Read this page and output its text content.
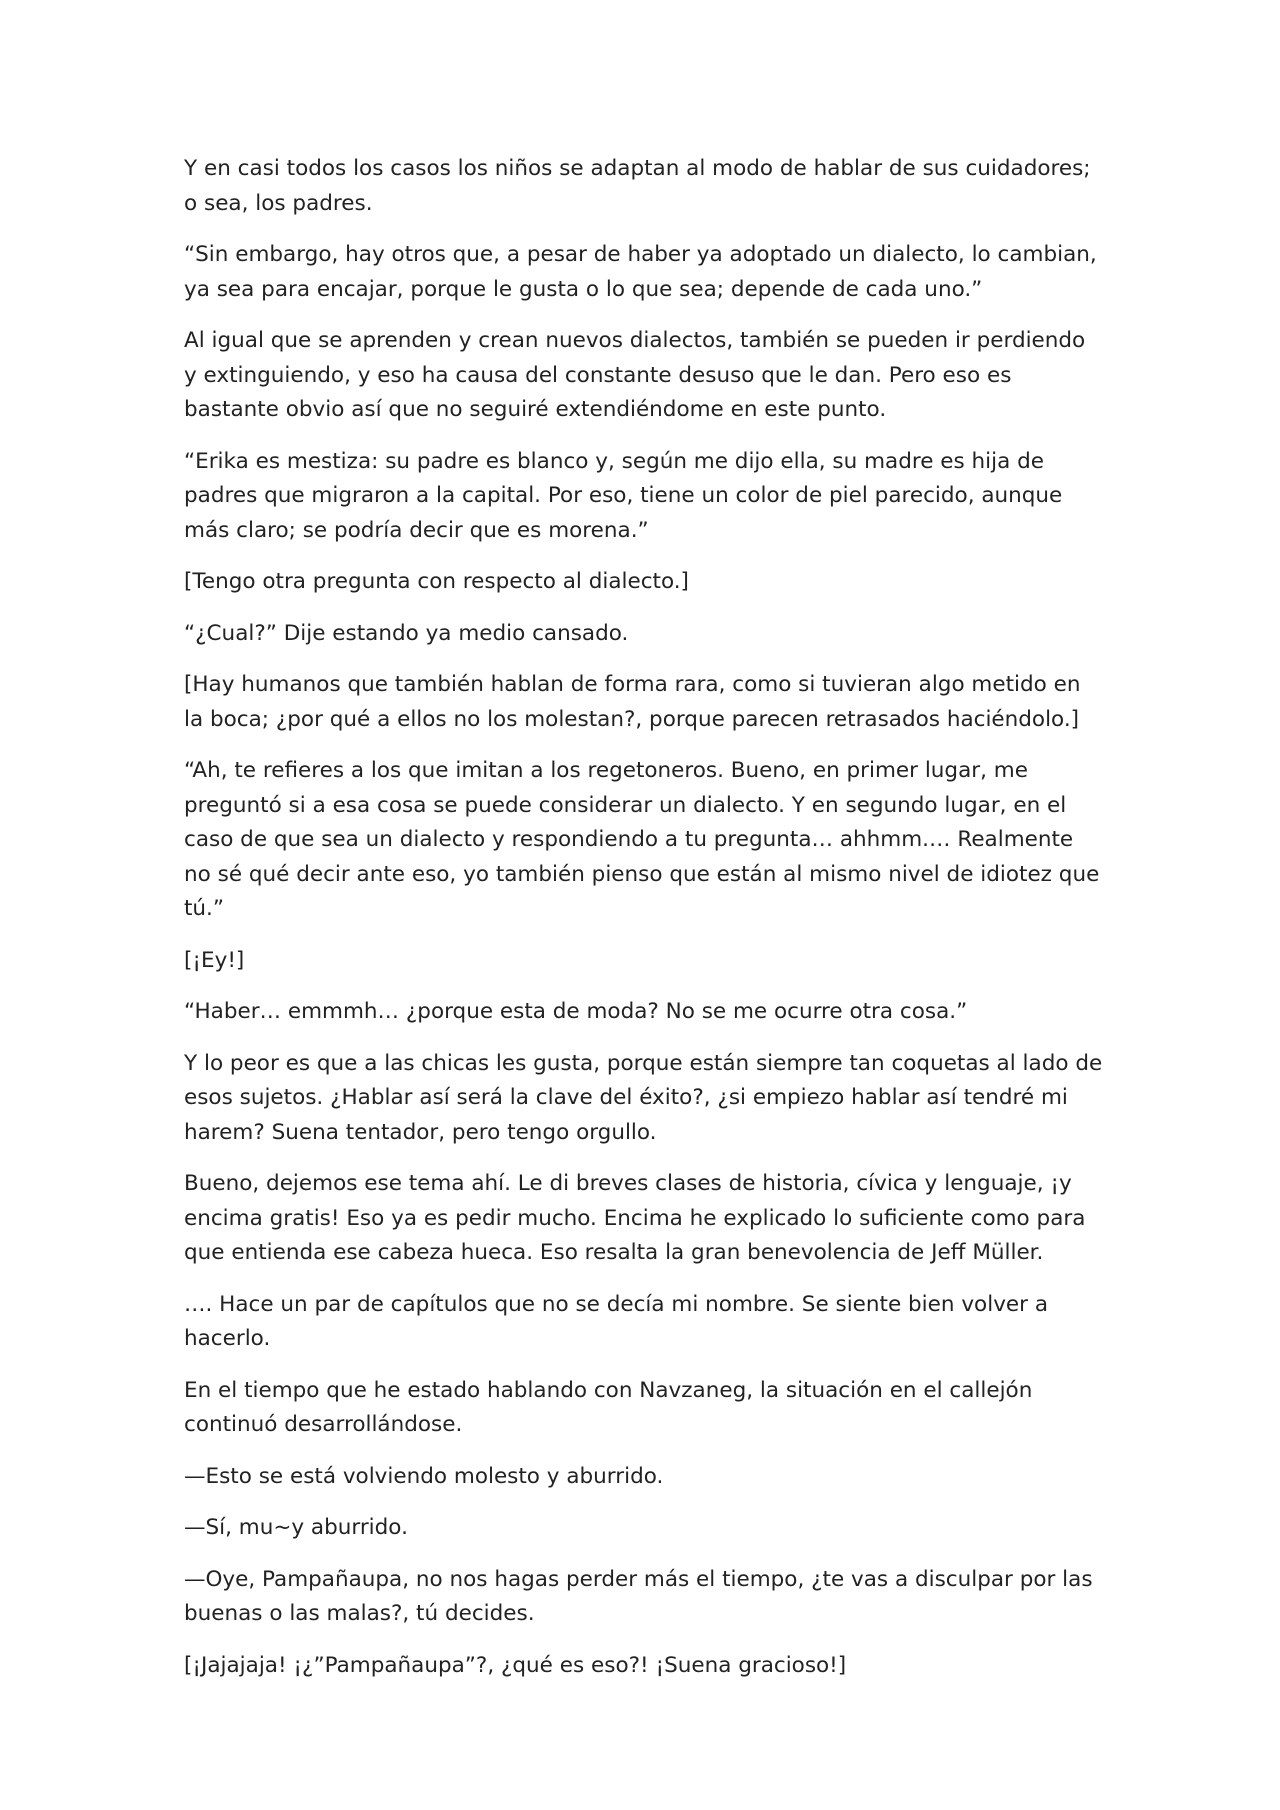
Y en casi todos los casos los niños se adaptan al modo de hablar de sus cuidadores; o sea, los padres.

“Sin embargo, hay otros que, a pesar de haber ya adoptado un dialecto, lo cambian, ya sea para encajar, porque le gusta o lo que sea; depende de cada uno.”

Al igual que se aprenden y crean nuevos dialectos, también se pueden ir perdiendo y extinguiendo, y eso ha causa del constante desuso que le dan. Pero eso es bastante obvio así que no seguiré extendiéndome en este punto.

“Erika es mestiza: su padre es blanco y, según me dijo ella, su madre es hija de padres que migraron a la capital. Por eso, tiene un color de piel parecido, aunque más claro; se podría decir que es morena.”

[Tengo otra pregunta con respecto al dialecto.]

“¿Cual?” Dije estando ya medio cansado.

[Hay humanos que también hablan de forma rara, como si tuvieran algo metido en la boca; ¿por qué a ellos no los molestan?, porque parecen retrasados haciéndolo.]

“Ah, te refieres a los que imitan a los regetoneros. Bueno, en primer lugar, me preguntó si a esa cosa se puede considerar un dialecto. Y en segundo lugar, en el caso de que sea un dialecto y respondiendo a tu pregunta… ahhmm.… Realmente no sé qué decir ante eso, yo también pienso que están al mismo nivel de idiotez que tú.”

[¡Ey!]

“Haber… emmmh… ¿porque esta de moda? No se me ocurre otra cosa.”

Y lo peor es que a las chicas les gusta, porque están siempre tan coquetas al lado de esos sujetos. ¿Hablar así será la clave del éxito?, ¿si empiezo hablar así tendré mi harem? Suena tentador, pero tengo orgullo.

Bueno, dejemos ese tema ahí. Le di breves clases de historia, cívica y lenguaje, ¡y encima gratis! Eso ya es pedir mucho. Encima he explicado lo suficiente como para que entienda ese cabeza hueca. Eso resalta la gran benevolencia de Jeff Müller.

…. Hace un par de capítulos que no se decía mi nombre. Se siente bien volver a hacerlo.

En el tiempo que he estado hablando con Navzaneg, la situación en el callejón continuó desarrollándose.

—Esto se está volviendo molesto y aburrido.

—Sí, mu~y aburrido.

—Oye, Pampañaupa, no nos hagas perder más el tiempo, ¿te vas a disculpar por las buenas o las malas?, tú decides.

[¡Jajajaja! ¡¿”Pampañaupa”?, ¿qué es eso?! ¡Suena gracioso!]
